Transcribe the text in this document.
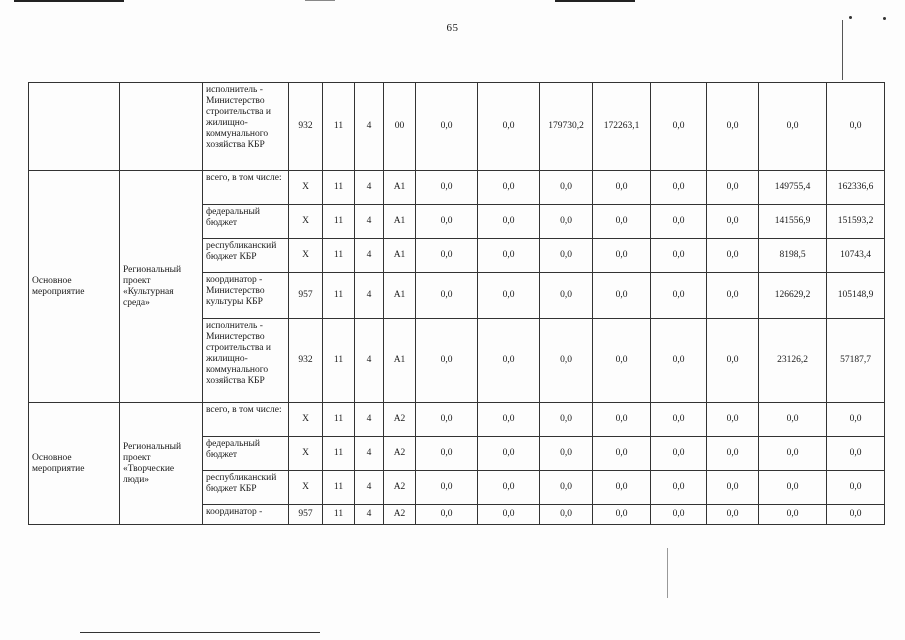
65
		исполнитель - Министерство строительства и жилищно-коммунального хозяйства КБР	932	11	4	00	0,0	0,0	179730,2	172263,1	0,0	0,0	0,0	0,0
Основное мероприятие	Региональный проект «Культурная среда»	всего, в том числе:	X	11	4	А1	0,0	0,0	0,0	0,0	0,0	0,0	149755,4	162336,6
		федеральный бюджет	X	11	4	А1	0,0	0,0	0,0	0,0	0,0	0,0	141556,9	151593,2
		республиканский бюджет КБР	X	11	4	А1	0,0	0,0	0,0	0,0	0,0	0,0	8198,5	10743,4
		координатор - Министерство культуры КБР	957	11	4	А1	0,0	0,0	0,0	0,0	0,0	0,0	126629,2	105148,9
		исполнитель - Министерство строительства и жилищно-коммунального хозяйства КБР	932	11	4	А1	0,0	0,0	0,0	0,0	0,0	0,0	23126,2	57187,7
Основное мероприятие	Региональный проект «Творческие люди»	всего, в том числе:	X	11	4	А2	0,0	0,0	0,0	0,0	0,0	0,0	0,0	0,0
		федеральный бюджет	X	11	4	А2	0,0	0,0	0,0	0,0	0,0	0,0	0,0	0,0
		республиканский бюджет КБР	X	11	4	А2	0,0	0,0	0,0	0,0	0,0	0,0	0,0	0,0
		координатор -	957	11	4	А2	0,0	0,0	0,0	0,0	0,0	0,0	0,0	0,0
